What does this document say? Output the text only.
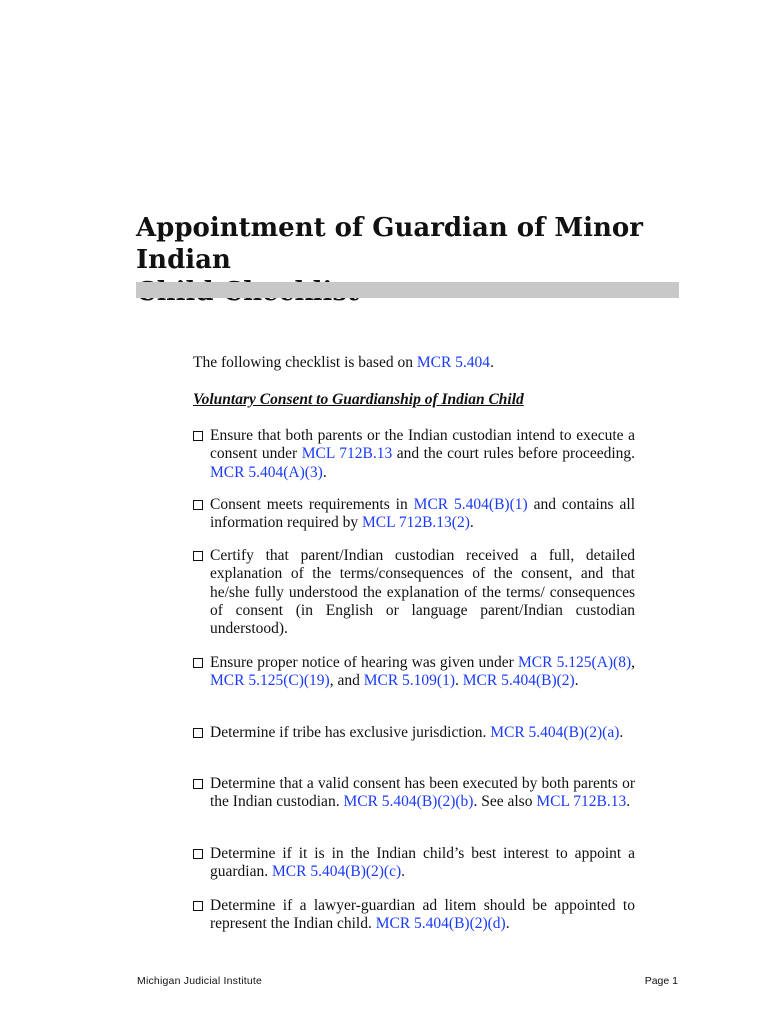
Appointment of Guardian of Minor Indian

The following checklist is based on MCR 5.404.

Voluntary Consent to Guardianship of Indian Child

Ensure that both parents or the Indian custodian intend to execute a consent under MCL 712B.13 and the court rules before proceeding. MCR 5.404(A)(3).

Consent meets requirements in MCR 5.404(B)(1) and contains all information required by MCL 712B.13(2).

Certify that parent/Indian custodian received a full, detailed explanation of the terms/consequences of the consent, and that he/she fully understood the explanation of the terms/ consequences of consent (in English or language parent/Indian custodian understood).

Ensure proper notice of hearing was given under MCR 5.125(A)(8), MCR 5.125(C)(19), and MCR 5.109(1). MCR 5.404(B)(2).

Determine if tribe has exclusive jurisdiction. MCR 5.404(B)(2)(a).

Determine that a valid consent has been executed by both parents or the Indian custodian. MCR 5.404(B)(2)(b). See also MCL 712B.13.

Determine if it is in the Indian child’s best interest to appoint a guardian. MCR 5.404(B)(2)(c).

Determine if a lawyer-guardian ad litem should be appointed to represent the Indian child. MCR 5.404(B)(2)(d).

Michigan Judicial Institute	Page 1
